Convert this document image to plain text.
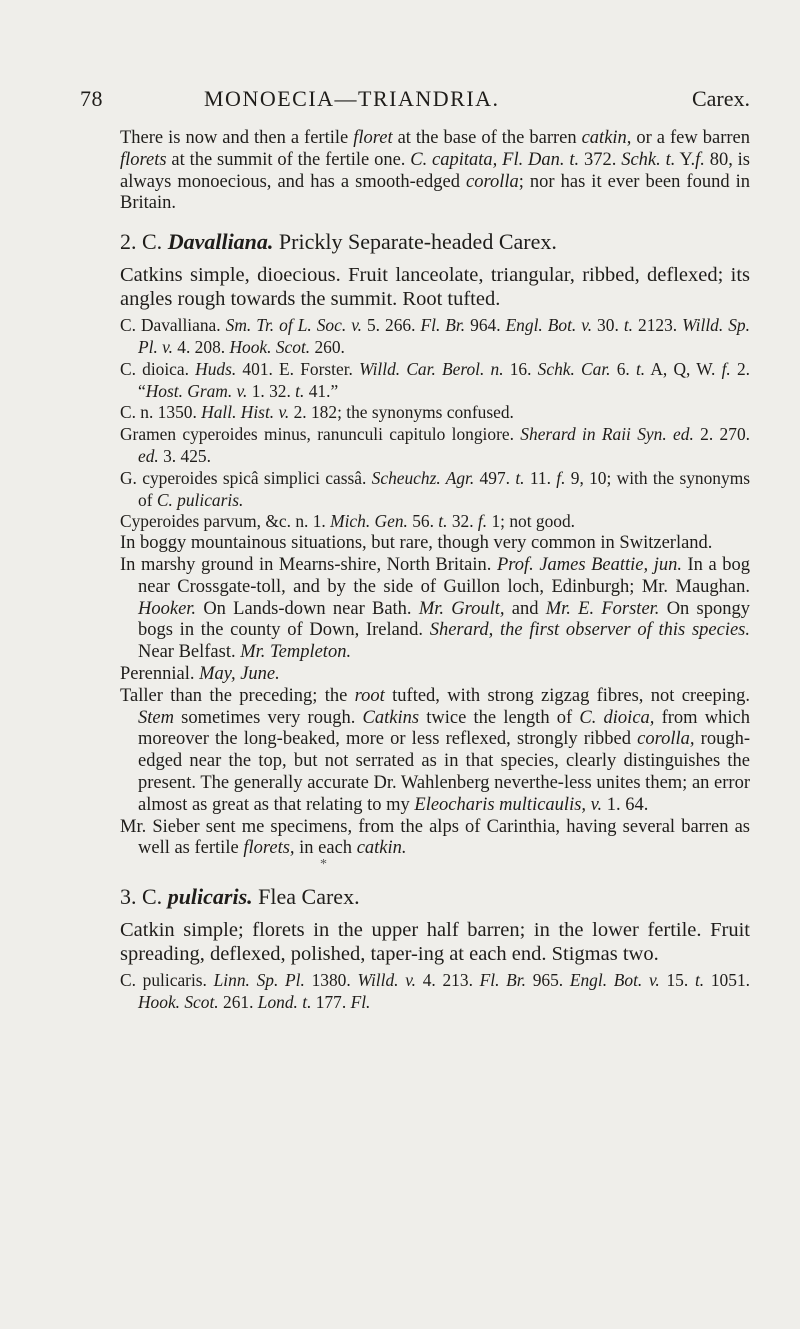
78	MONOECIA—TRIANDRIA.	Carex.

There is now and then a fertile floret at the base of the barren catkin, or a few barren florets at the summit of the fertile one. C. capitata, Fl. Dan. t. 372. Schk. t. Y.f. 80, is always monoecious, and has a smooth-edged corolla; nor has it ever been found in Britain.

2. C. Davalliana. Prickly Separate-headed Carex.

Catkins simple, dioecious. Fruit lanceolate, triangular, ribbed, deflexed; its angles rough towards the summit. Root tufted.

C. Davalliana. Sm. Tr. of L. Soc. v. 5. 266. Fl. Br. 964. Engl. Bot. v. 30. t. 2123. Willd. Sp. Pl. v. 4. 208. Hook. Scot. 260.

C. dioica. Huds. 401. E. Forster. Willd. Car. Berol. n. 16. Schk. Car. 6. t. A, Q, W. f. 2. “Host. Gram. v. 1. 32. t. 41.”

C. n. 1350. Hall. Hist. v. 2. 182; the synonyms confused.

Gramen cyperoides minus, ranunculi capitulo longiore. Sherard in Raii Syn. ed. 2. 270. ed. 3. 425.

G. cyperoides spicâ simplici cassâ. Scheuchz. Agr. 497. t. 11. f. 9, 10; with the synonyms of C. pulicaris.

Cyperoides parvum, &c. n. 1. Mich. Gen. 56. t. 32. f. 1; not good.

In boggy mountainous situations, but rare, though very common in Switzerland.

In marshy ground in Mearns-shire, North Britain. Prof. James Beattie, jun. In a bog near Crossgate-toll, and by the side of Guillon loch, Edinburgh; Mr. Maughan. Hooker. On Lands-down near Bath. Mr. Groult, and Mr. E. Forster. On spongy bogs in the county of Down, Ireland. Sherard, the first observer of this species. Near Belfast. Mr. Templeton.

Perennial. May, June.

Taller than the preceding; the root tufted, with strong zigzag fibres, not creeping. Stem sometimes very rough. Catkins twice the length of C. dioica, from which moreover the long-beaked, more or less reflexed, strongly ribbed corolla, rough-edged near the top, but not serrated as in that species, clearly distinguishes the present. The generally accurate Dr. Wahlenberg neverthe-less unites them; an error almost as great as that relating to my Eleocharis multicaulis, v. 1. 64.

Mr. Sieber sent me specimens, from the alps of Carinthia, having several barren as well as fertile florets, in each catkin.

*
3. C. pulicaris. Flea Carex.

Catkin simple; florets in the upper half barren; in the lower fertile. Fruit spreading, deflexed, polished, taper-ing at each end. Stigmas two.

C. pulicaris. Linn. Sp. Pl. 1380. Willd. v. 4. 213. Fl. Br. 965. Engl. Bot. v. 15. t. 1051. Hook. Scot. 261. Lond. t. 177. Fl.
